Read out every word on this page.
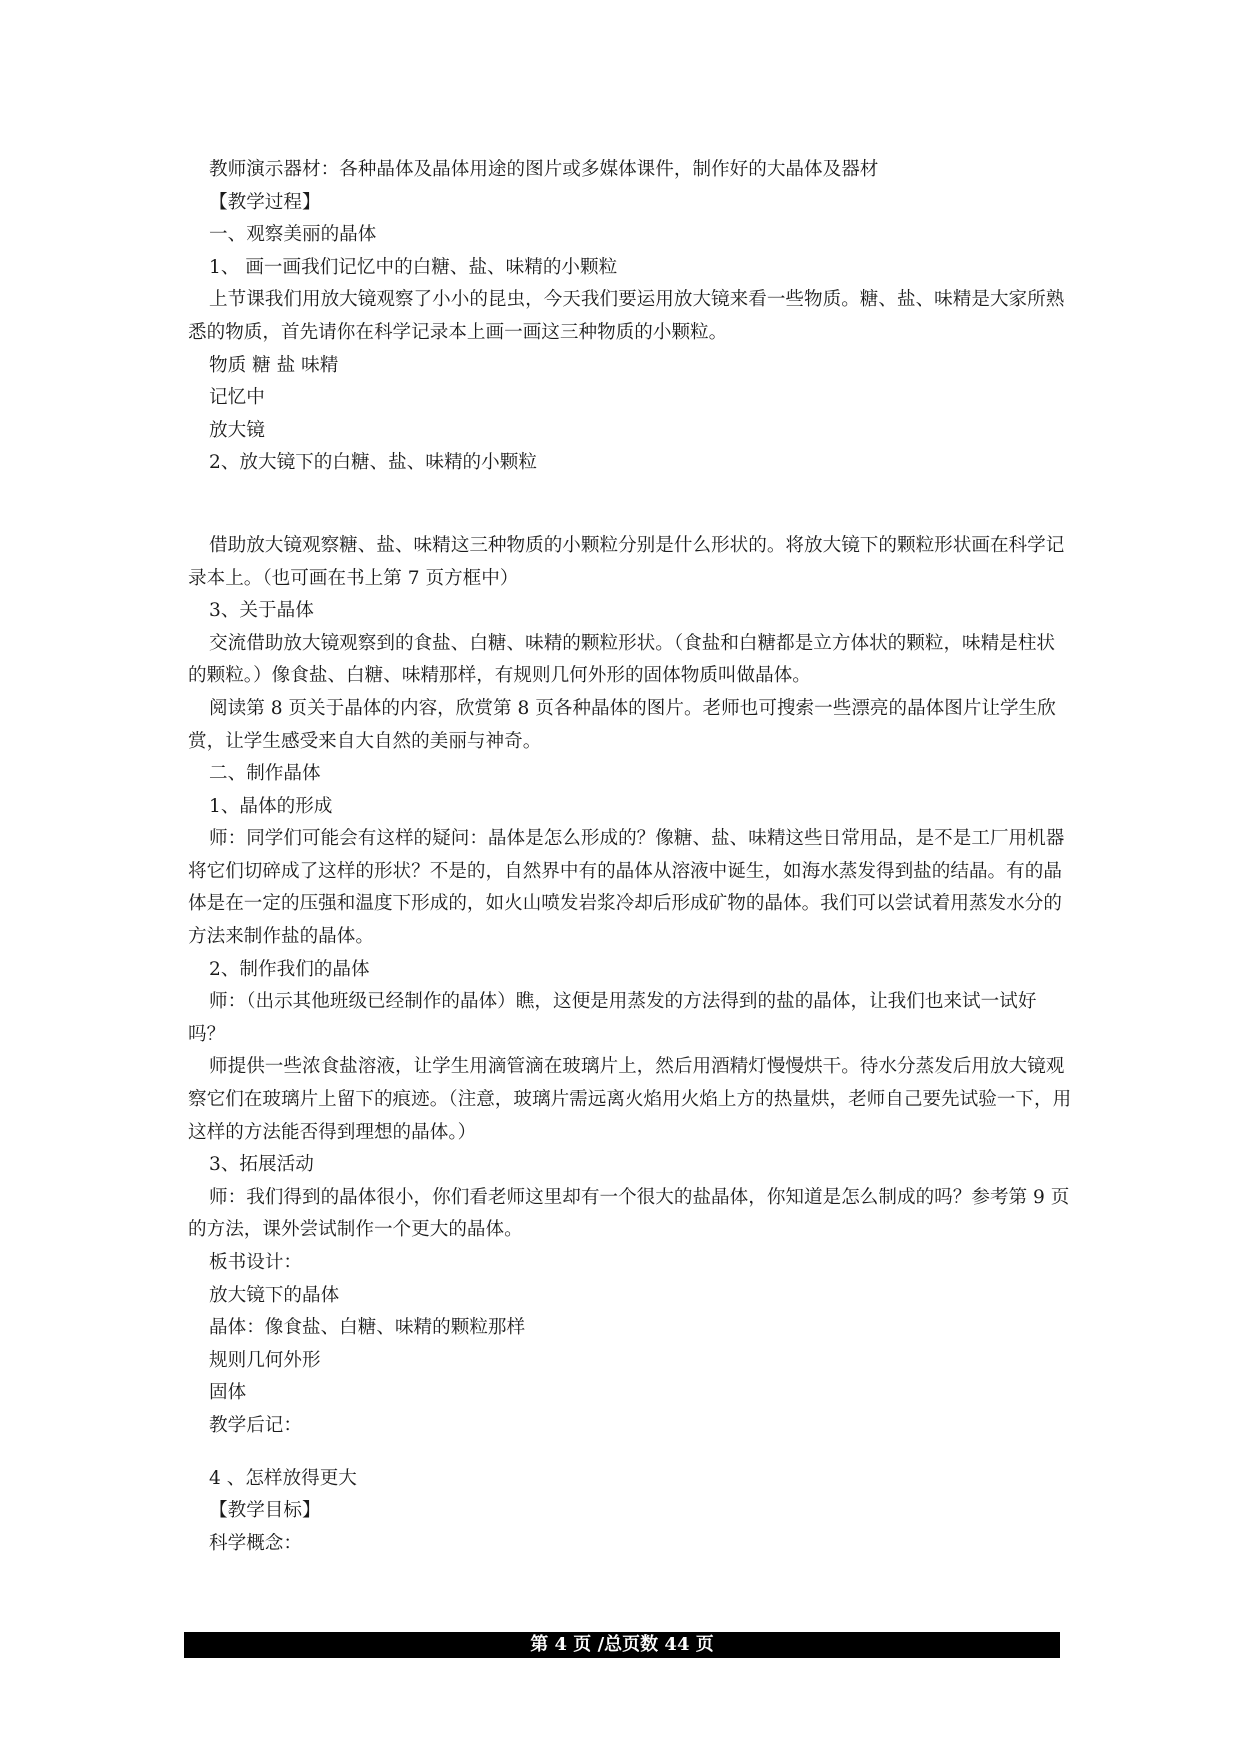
教师演示器材：各种晶体及晶体用途的图片或多媒体课件，制作好的大晶体及器材

【教学过程】

一、观察美丽的晶体

1、 画一画我们记忆中的白糖、盐、味精的小颗粒

上节课我们用放大镜观察了小小的昆虫，今天我们要运用放大镜来看一些物质。糖、盐、味精是大家所熟悉的物质，首先请你在科学记录本上画一画这三种物质的小颗粒。

物质 糖 盐 味精

记忆中

放大镜

2、放大镜下的白糖、盐、味精的小颗粒

借助放大镜观察糖、盐、味精这三种物质的小颗粒分别是什么形状的。将放大镜下的颗粒形状画在科学记录本上。（也可画在书上第 7 页方框中）

3、关于晶体

交流借助放大镜观察到的食盐、白糖、味精的颗粒形状。（食盐和白糖都是立方体状的颗粒，味精是柱状的颗粒。）像食盐、白糖、味精那样，有规则几何外形的固体物质叫做晶体。

阅读第 8 页关于晶体的内容，欣赏第 8 页各种晶体的图片。老师也可搜索一些漂亮的晶体图片让学生欣赏，让学生感受来自大自然的美丽与神奇。

二、制作晶体

1、晶体的形成

师：同学们可能会有这样的疑问：晶体是怎么形成的？像糖、盐、味精这些日常用品，是不是工厂用机器将它们切碎成了这样的形状？不是的，自然界中有的晶体从溶液中诞生，如海水蒸发得到盐的结晶。有的晶体是在一定的压强和温度下形成的，如火山喷发岩浆冷却后形成矿物的晶体。我们可以尝试着用蒸发水分的方法来制作盐的晶体。

2、制作我们的晶体

师：（出示其他班级已经制作的晶体）瞧，这便是用蒸发的方法得到的盐的晶体，让我们也来试一试好吗？

师提供一些浓食盐溶液，让学生用滴管滴在玻璃片上，然后用酒精灯慢慢烘干。待水分蒸发后用放大镜观察它们在玻璃片上留下的痕迹。（注意，玻璃片需远离火焰用火焰上方的热量烘，老师自己要先试验一下，用这样的方法能否得到理想的晶体。）

3、拓展活动

师：我们得到的晶体很小，你们看老师这里却有一个很大的盐晶体，你知道是怎么制成的吗？参考第 9 页的方法，课外尝试制作一个更大的晶体。

板书设计：

放大镜下的晶体

晶体：像食盐、白糖、味精的颗粒那样

规则几何外形

固体

教学后记：

4 、怎样放得更大

【教学目标】

科学概念：

第 4 页 /总页数 44 页
